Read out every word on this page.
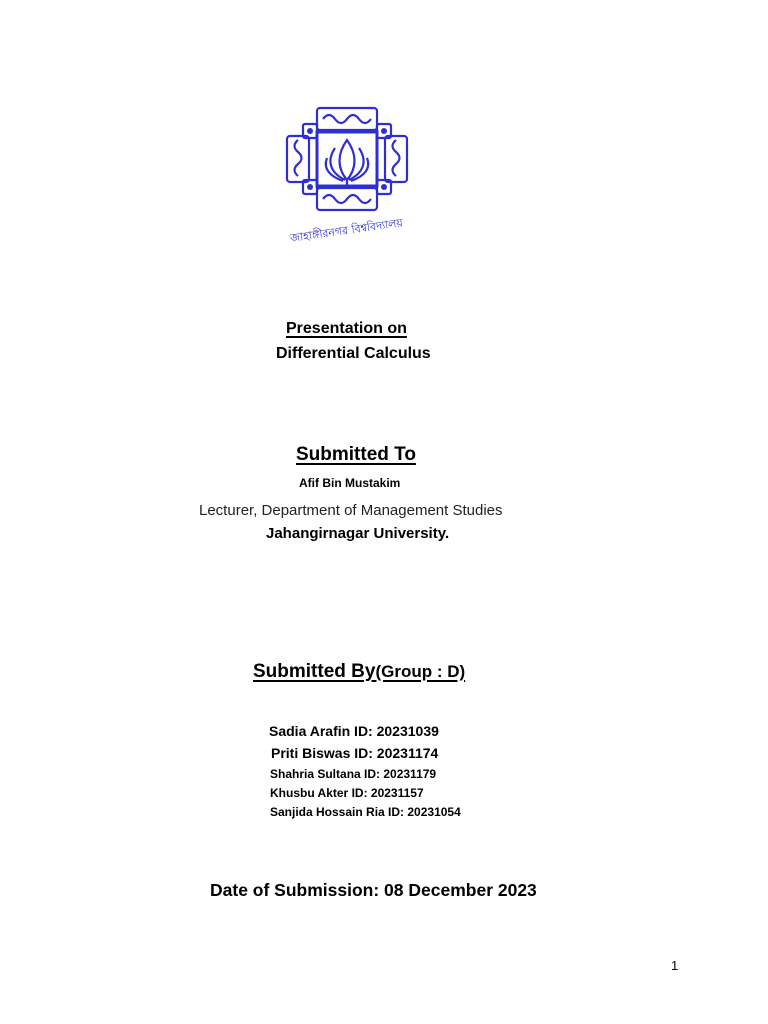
জাহাঙ্গীরনগর বিশ্ববিদ্যালয়
Presentation on
Differential Calculus
Submitted To
Afif Bin Mustakim
Lecturer, Department of Management Studies
Jahangirnagar University.
Submitted By(Group : D)
Sadia Arafin ID: 20231039
Priti Biswas ID: 20231174
Shahria Sultana ID: 20231179
Khusbu Akter ID: 20231157
Sanjida Hossain Ria ID: 20231054
Date of Submission: 08 December 2023
1
